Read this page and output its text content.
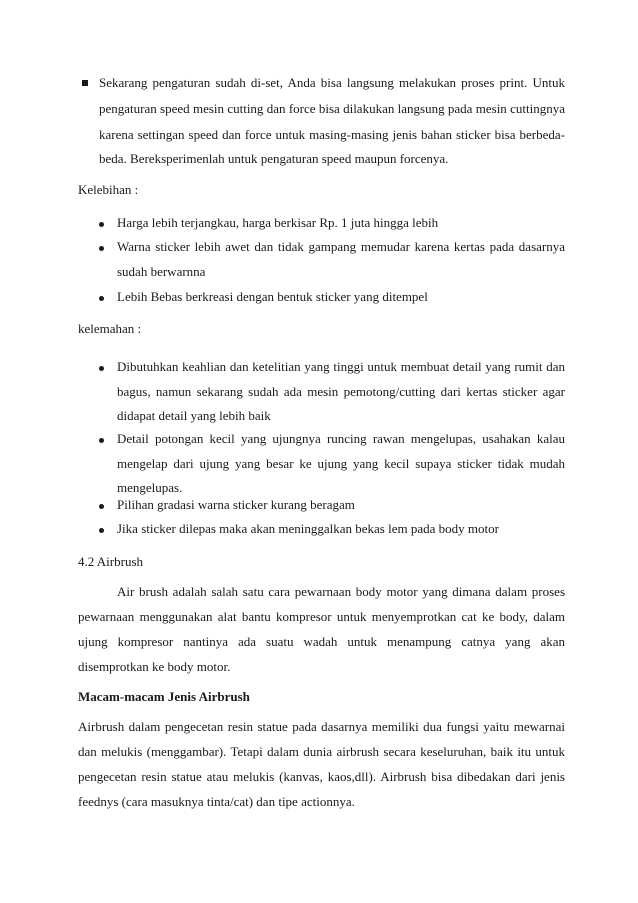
Sekarang pengaturan sudah di-set, Anda bisa langsung melakukan proses print. Untuk
pengaturan speed mesin cutting dan force bisa dilakukan langsung pada mesin cuttingnya
karena settingan speed dan force untuk masing-masing jenis bahan sticker bisa berbeda-
beda. Bereksperimenlah untuk pengaturan speed maupun forcenya.
Kelebihan :
Harga lebih terjangkau, harga berkisar Rp. 1 juta hingga lebih
Warna sticker lebih awet dan tidak gampang memudar karena kertas pada dasarnya
sudah berwarnna
Lebih Bebas berkreasi dengan bentuk sticker yang ditempel
kelemahan :
Dibutuhkan keahlian dan ketelitian yang tinggi untuk membuat detail yang rumit dan
bagus, namun sekarang sudah ada mesin pemotong/cutting dari kertas sticker agar
didapat detail yang lebih baik
Detail potongan kecil yang ujungnya runcing rawan mengelupas, usahakan kalau
mengelap dari ujung yang besar ke ujung yang kecil supaya sticker tidak mudah
mengelupas.
Pilihan gradasi warna sticker kurang beragam
Jika sticker dilepas maka akan meninggalkan bekas lem pada body motor
4.2 Airbrush
Air brush adalah salah satu cara pewarnaan body motor yang dimana dalam proses
pewarnaan menggunakan alat bantu kompresor untuk menyemprotkan cat ke body, dalam
ujung kompresor nantinya ada suatu wadah untuk menampung catnya yang akan
disemprotkan ke body motor.
Macam-macam Jenis Airbrush
Airbrush dalam pengecetan resin statue pada dasarnya memiliki dua fungsi yaitu mewarnai
dan melukis (menggambar). Tetapi dalam dunia airbrush secara keseluruhan, baik itu untuk
pengecetan resin statue atau melukis (kanvas, kaos,dll). Airbrush bisa dibedakan dari jenis
feednys (cara masuknya tinta/cat) dan tipe actionnya.
